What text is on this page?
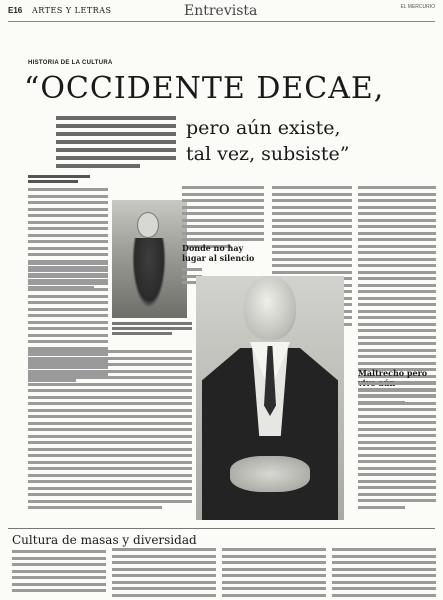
E16 ARTES Y LETRAS	Entrevista	EL MERCURIO
HISTORIA DE LA CULTURA
“OCCIDENTE DECAE,
pero aún existe,
tal vez, subsiste”
Donde no hay
lugar al silencio
Maltrecho pero
Cultura de masas y diversidad
